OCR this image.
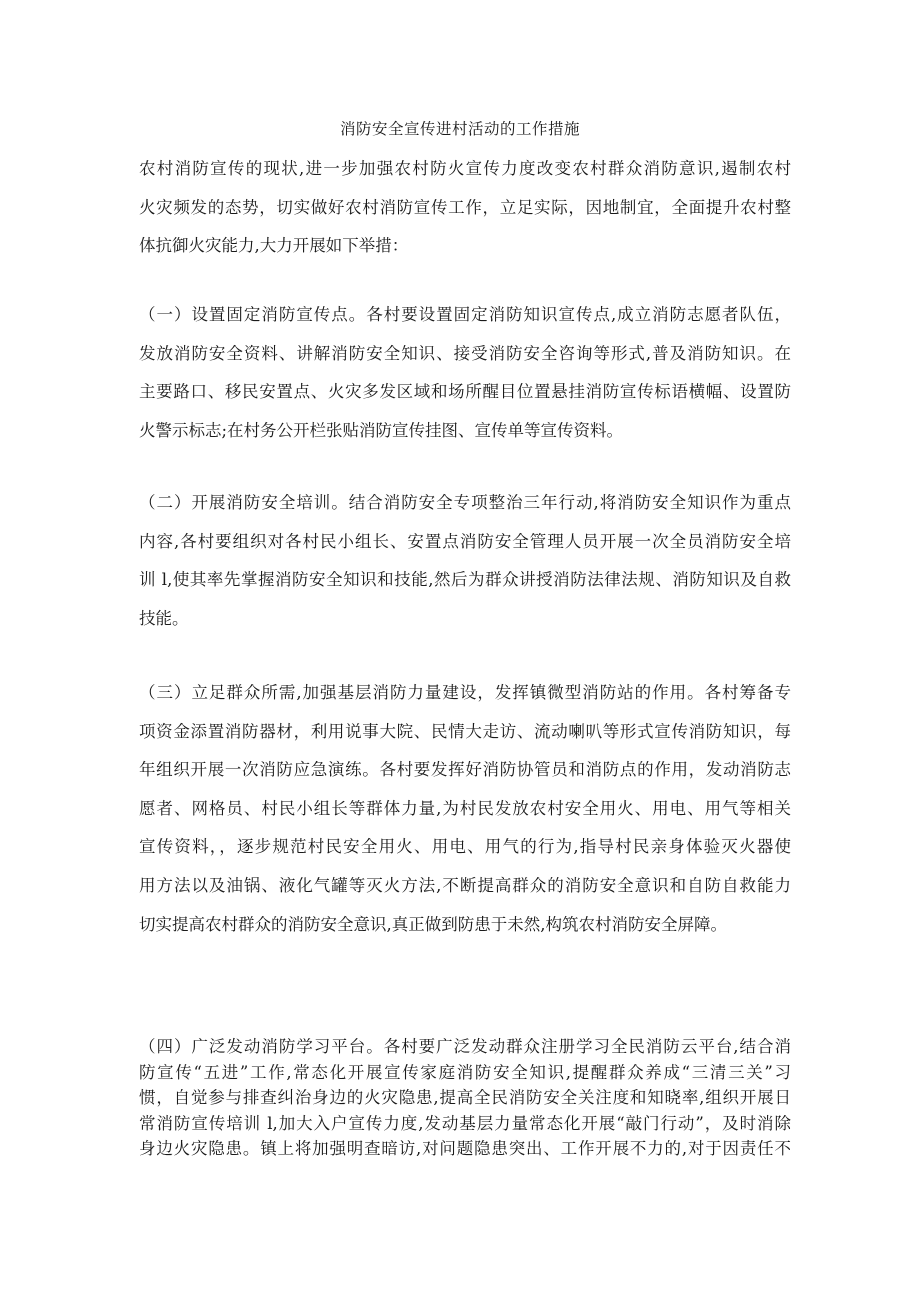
消防安全宣传进村活动的工作措施
农村消防宣传的现状,进一步加强农村防火宣传力度改变农村群众消防意识,遏制农村
火灾频发的态势，切实做好农村消防宣传工作，立足实际，因地制宜，全面提升农村整
体抗御火灾能力,大力开展如下举措：
（一）设置固定消防宣传点。各村要设置固定消防知识宣传点,成立消防志愿者队伍，
发放消防安全资料、讲解消防安全知识、接受消防安全咨询等形式,普及消防知识。在
主要路口、移民安置点、火灾多发区域和场所醒目位置悬挂消防宣传标语横幅、设置防
火警示标志;在村务公开栏张贴消防宣传挂图、宣传单等宣传资料。
（二）开展消防安全培训。结合消防安全专项整治三年行动,将消防安全知识作为重点
内容,各村要组织对各村民小组长、安置点消防安全管理人员开展一次全员消防安全培
训 l,使其率先掌握消防安全知识和技能,然后为群众讲授消防法律法规、消防知识及自救
技能。
（三）立足群众所需,加强基层消防力量建设，发挥镇微型消防站的作用。各村筹备专
项资金添置消防器材，利用说事大院、民情大走访、流动喇叭等形式宣传消防知识，每
年组织开展一次消防应急演练。各村要发挥好消防协管员和消防点的作用，发动消防志
愿者、网格员、村民小组长等群体力量,为村民发放农村安全用火、用电、用气等相关
宣传资料，，逐步规范村民安全用火、用电、用气的行为,指导村民亲身体验灭火器使
用方法以及油锅、液化气罐等灭火方法,不断提高群众的消防安全意识和自防自救能力
切实提高农村群众的消防安全意识,真正做到防患于未然,构筑农村消防安全屏障。
（四）广泛发动消防学习平台。各村要广泛发动群众注册学习全民消防云平台,结合消
防宣传“五进”工作,常态化开展宣传家庭消防安全知识,提醒群众养成“三清三关”习
惯，自觉参与排查纠治身边的火灾隐患,提高全民消防安全关注度和知晓率,组织开展日
常消防宣传培训 l,加大入户宣传力度,发动基层力量常态化开展“敲门行动”，及时消除
身边火灾隐患。镇上将加强明查暗访,对问题隐患突出、工作开展不力的,对于因责任不
